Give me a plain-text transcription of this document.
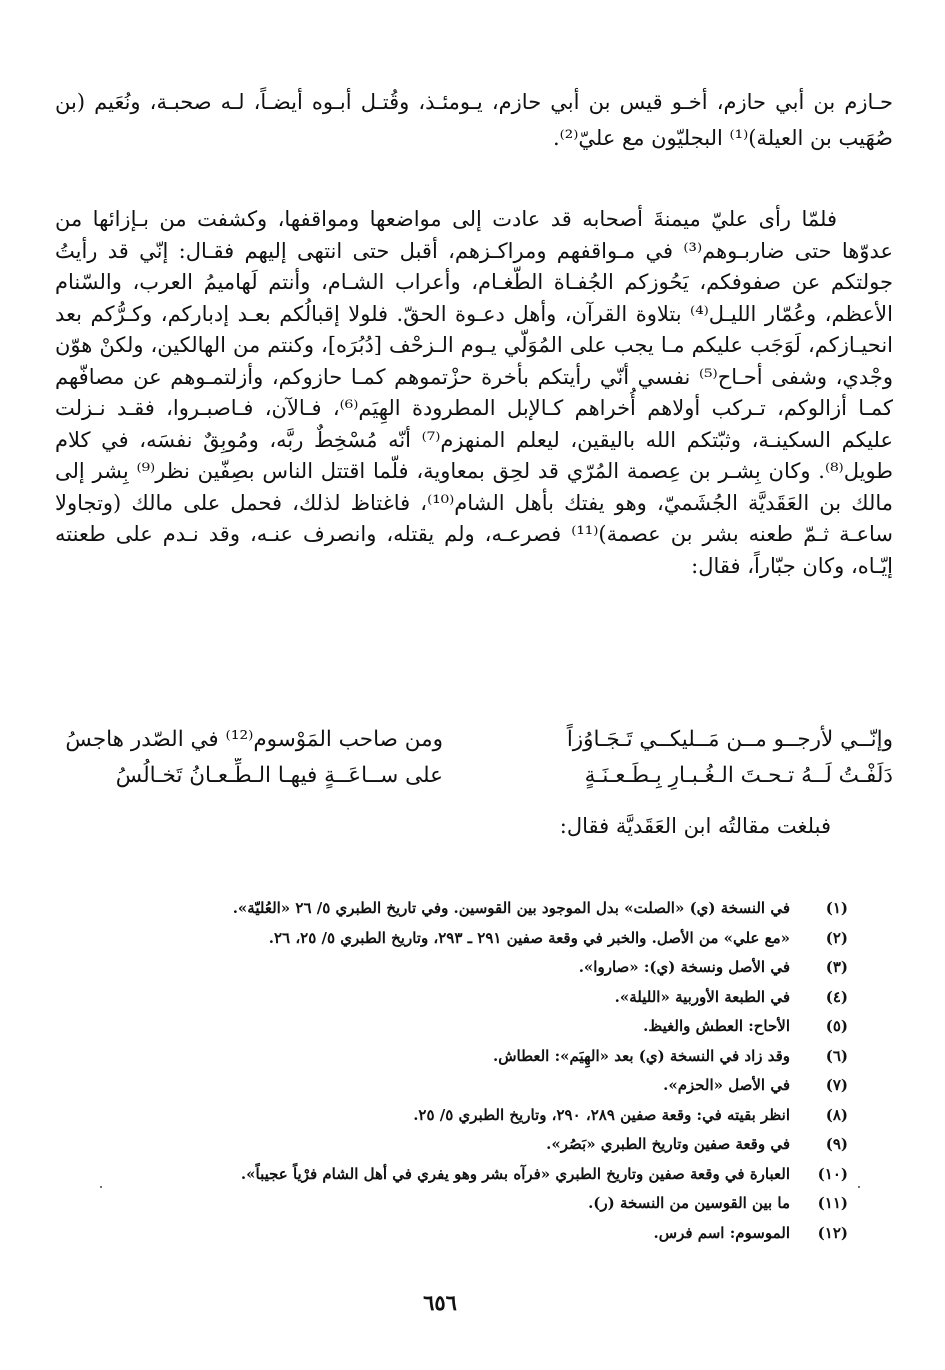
حـازم بن أبي حازم، أخـو قيس بن أبي حازم، يـومئـذ، وقُتـل أبـوه أيضـاً، لـه صحبـة، ونُعَيم (بن صُهَيب بن العيلة)⁽¹⁾ البجليّون مع عليّ⁽²⁾.

فلمّا رأى عليّ ميمنةَ أصحابه قد عادت إلى مواضعها ومواقفها، وكشفت من بـإزائها من عدوّها حتى ضاربـوهم⁽³⁾ في مـواقفهم ومراكـزهم، أقبل حتى انتهى إليهم فقـال: إنّي قد رأيتُ جولتكم عن صفوفكم، يَحُوزكم الجُفـاة الطّغـام، وأعراب الشـام، وأنتم لَهاميمُ العرب، والسّنام الأعظم، وعُمّار الليـل⁽⁴⁾ بتلاوة القرآن، وأهل دعـوة الحقّ. فلولا إقبالُكم بعـد إدباركم، وكـرُّكم بعد انحيـازكم، لَوَجَب عليكم مـا يجب على المُوَلّي يـوم الـزحْف [دُبُرَه]، وكنتم من الهالكين، ولكنْ هوّن وجْدي، وشفى أحـاح⁽⁵⁾ نفسي أنّي رأيتكم بأخرة حزْتموهم كمـا حازوكم، وأزلتمـوهم عن مصافّهم كمـا أزالوكم، تـركب أولاهم أُخراهم كـالإبل المطرودة الهِيَم⁽⁶⁾، فـالآن، فـاصبـروا، فقـد نـزلت عليكم السكينـة، وثبّتكم الله باليقين، ليعلم المنهزم⁽⁷⁾ أنّه مُسْخِطٌ ربَّه، ومُوبِقٌ نفسَه، في كلام طويل⁽⁸⁾. وكان بِشـر بن عِصمة المُرّي قد لحِق بمعاوية، فلّما اقتتل الناس بصِفّين نظر⁽⁹⁾ بِشر إلى مالك بن العَقَديَّة الجُشَميّ، وهو يفتك بأهل الشام⁽¹⁰⁾، فاغتاظ لذلك، فحمل على مالك (وتجاولا ساعـة ثـمّ طعنه بشر بن عصمة)⁽¹¹⁾ فصرعـه، ولم يقتله، وانصرف عنـه، وقد نـدم على طعنته إيّـاه، وكان جبّاراً، فقال:

وإنّــي لأرجــو مــن مَــليكــي تَـجَـاوُزاً
ومن صاحب المَوْسوم⁽¹²⁾ في الصّدر هاجسُ
دَلَفْـتُ لَــهُ تـحـتَ الـغُـبـارِ بِـطَـعـنَـةٍ
على ســاعَــةٍ فيهـا الـطِّـعـانُ تَخـالُسُ
فبلغت مقالتُه ابن العَقَديَّة فقال:
(١)
في النسخة (ي) «الصلت» بدل الموجود بين القوسين. وفي تاريخ الطبري ٥/ ٢٦ «العُليّة».
(٢)
«مع علي» من الأصل. والخبر في وقعة صفين ٢٩١ ـ ٢٩٣، وتاريخ الطبري ٥/ ٢٥، ٢٦.
(٣)
في الأصل ونسخة (ي): «صاروا».
(٤)
في الطبعة الأوربية «الليلة».
(٥)
الأحاح: العطش والغيظ.
(٦)
وقد زاد في النسخة (ي) بعد «الهِيَم»: العطاش.
(٧)
في الأصل «الحزم».
(٨)
انظر بقيته في: وقعة صفين ٢٨٩، ٢٩٠، وتاريخ الطبري ٥/ ٢٥.
(٩)
في وقعة صفين وتاريخ الطبري «بَصُر».
(١٠)
العبارة في وقعة صفين وتاريخ الطبري «فرآه بشر وهو يفري في أهل الشام فرْياً عجيباً».
(١١)
ما بين القوسين من النسخة (ر).
(١٢)
الموسوم: اسم فرس.
٦٥٦
